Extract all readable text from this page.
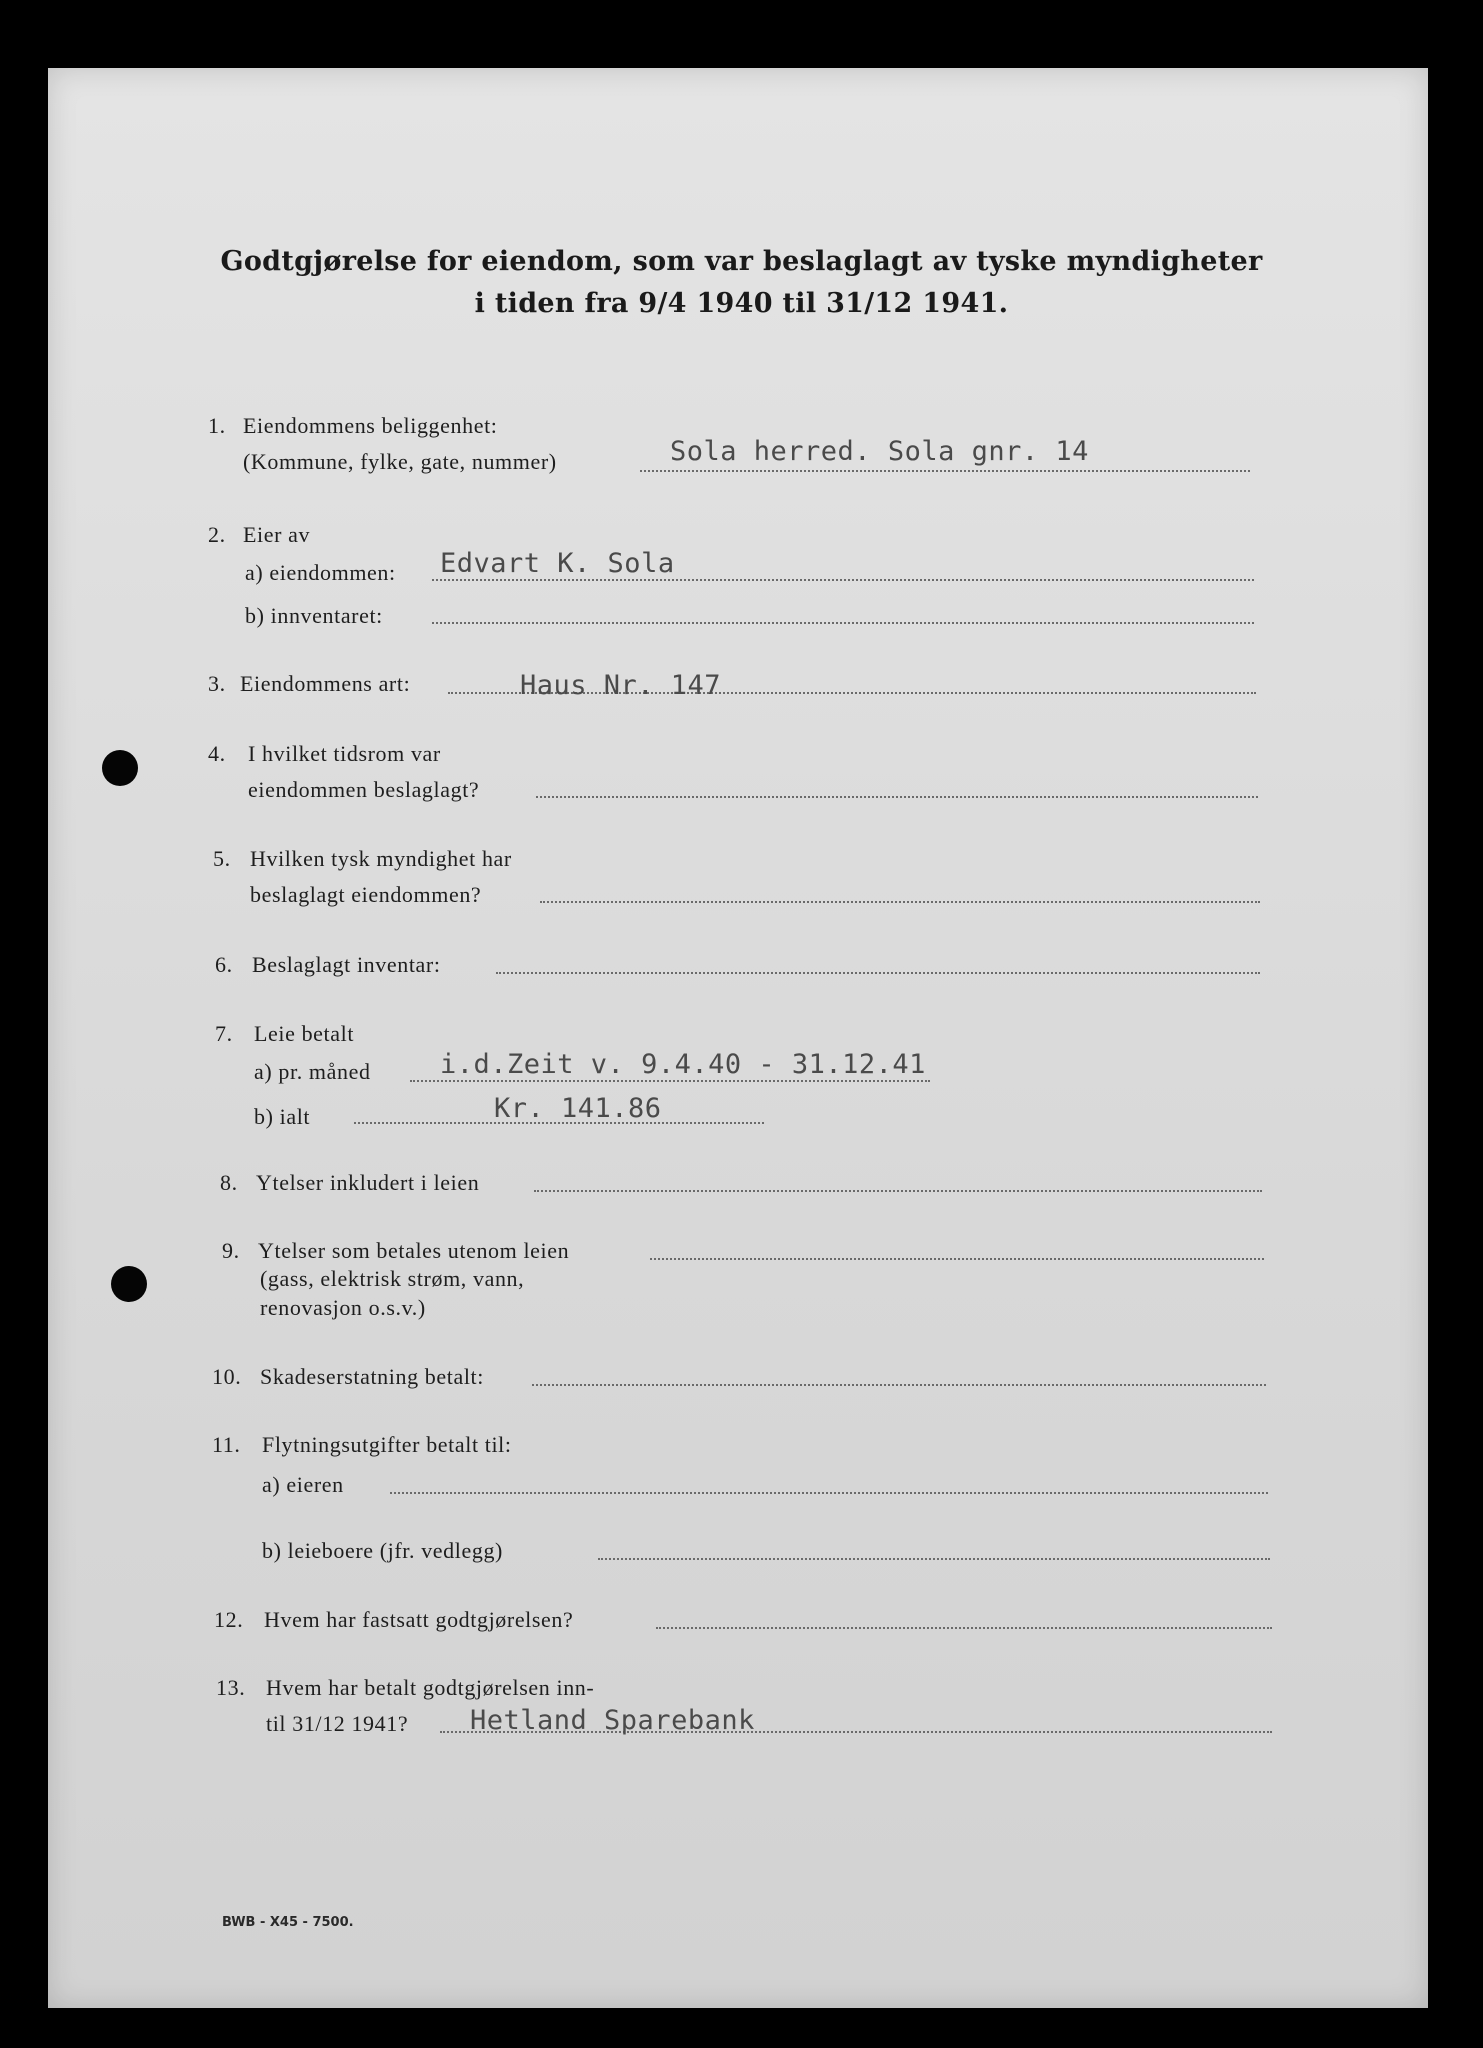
Godtgjørelse for eiendom, som var beslaglagt av tyske myndigheter
i tiden fra 9/4 1940 til 31/12 1941.
1. Eiendommens beliggenhet:
(Kommune, fylke, gate, nummer)	Sola herred. Sola gnr. 14
2. Eier av
a) eiendommen: Edvart K. Sola
b) innventaret:
3. Eiendommens art:	Haus Nr. 147
4. I hvilket tidsrom var
eiendommen beslaglagt?
5. Hvilken tysk myndighet har
beslaglagt eiendommen?
6. Beslaglagt inventar:
7. Leie betalt
a) pr. måned	i.d.Zeit v. 9.4.40 - 31.12.41
b) ialt	Kr. 141.86
8. Ytelser inkludert i leien
9. Ytelser som betales utenom leien
(gass, elektrisk strøm, vann,
renovasjon o.s.v.)
10. Skadeserstatning betalt:
11. Flytningsutgifter betalt til:
a) eieren
b) leieboere (jfr. vedlegg)
12. Hvem har fastsatt godtgjørelsen?
13. Hvem har betalt godtgjørelsen inn-
til 31/12 1941? Hetland Sparebank
BWB - X45 - 7500.
